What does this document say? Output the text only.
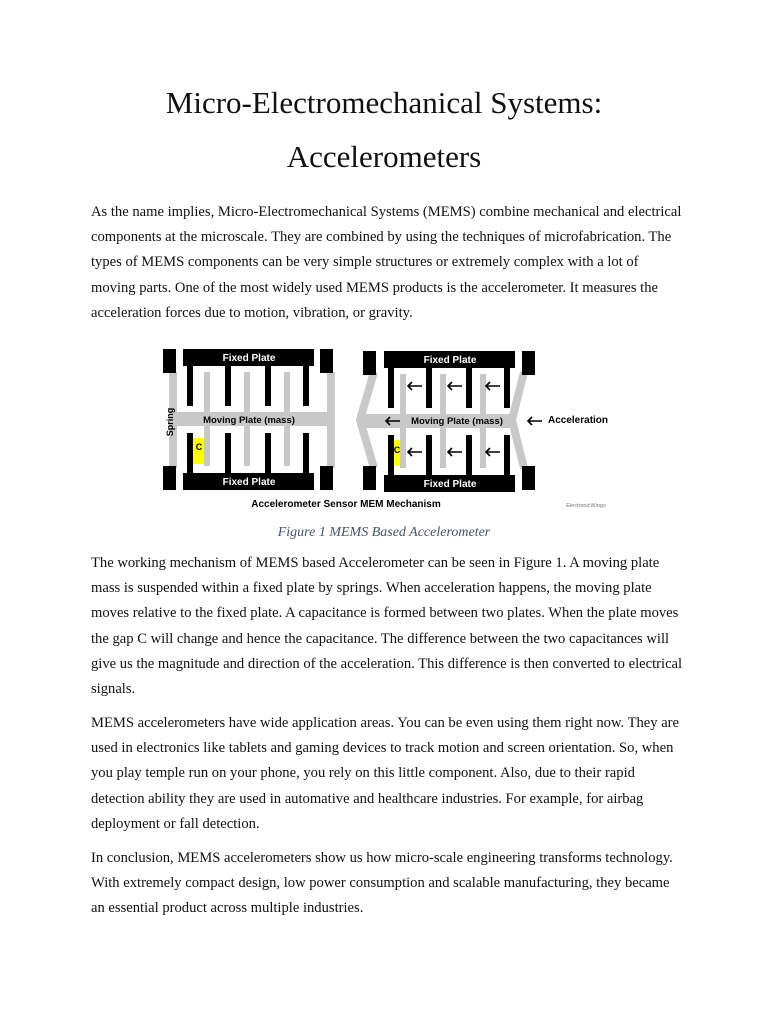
Micro-Electromechanical Systems:
Accelerometers

As the name implies, Micro-Electromechanical Systems (MEMS) combine mechanical and electrical components at the microscale. They are combined by using the techniques of microfabrication. The types of MEMS components can be very simple structures or extremely complex with a lot of moving parts. One of the most widely used MEMS products is the accelerometer. It measures the acceleration forces due to motion, vibration, or gravity.

Fixed Plate
Fixed Plate
Moving Plate (mass)
C
Spring
Fixed Plate
Fixed Plate
Moving Plate (mass)
C
Acceleration
Accelerometer Sensor MEM Mechanism	ElectronicWings

Figure 1 MEMS Based Accelerometer

The working mechanism of MEMS based Accelerometer can be seen in Figure 1. A moving plate mass is suspended within a fixed plate by springs. When acceleration happens, the moving plate moves relative to the fixed plate. A capacitance is formed between two plates. When the plate moves the gap C will change and hence the capacitance. The difference between the two capacitances will give us the magnitude and direction of the acceleration. This difference is then converted to electrical signals.

MEMS accelerometers have wide application areas. You can be even using them right now. They are used in electronics like tablets and gaming devices to track motion and screen orientation. So, when you play temple run on your phone, you rely on this little component. Also, due to their rapid detection ability they are used in automative and healthcare industries. For example, for airbag deployment or fall detection.

In conclusion, MEMS accelerometers show us how micro-scale engineering transforms technology. With extremely compact design, low power consumption and scalable manufacturing, they became an essential product across multiple industries.
